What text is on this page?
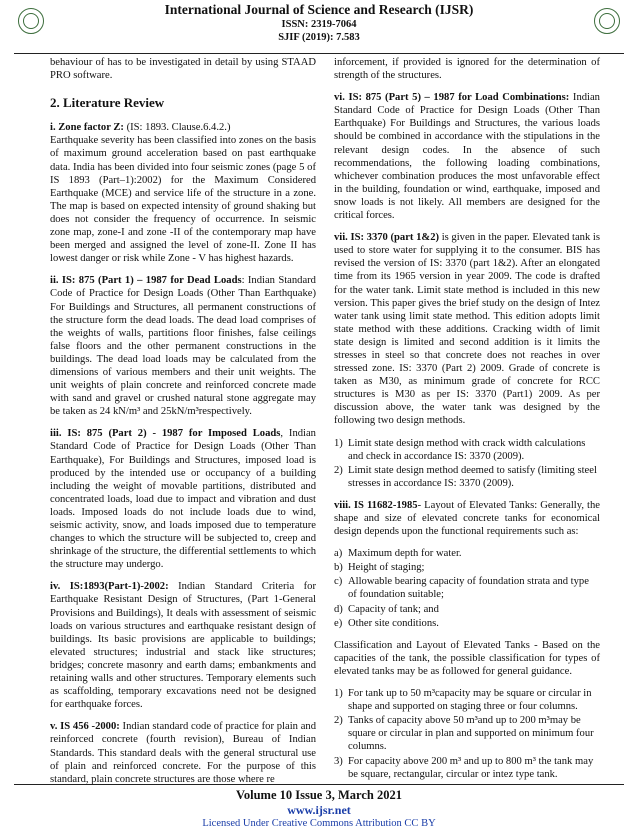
International Journal of Science and Research (IJSR)
ISSN: 2319-7064
SJIF (2019): 7.583

behaviour of has to be investigated in detail by using STAAD PRO software.

2. Literature Review

i. Zone factor Z: (IS: 1893. Clause.6.4.2.)
Earthquake severity has been classified into zones on the basis of maximum ground acceleration based on past earthquake data. India has been divided into four seismic zones (page 5 of IS 1893 (Part–1):2002) for the Maximum Considered Earthquake (MCE) and service life of the structure in a zone. The map is based on expected intensity of ground shaking but does not consider the frequency of occurrence. In seismic zone map, zone-I and zone -II of the contemporary map have been merged and assigned the level of zone-II. Zone II has lowest danger or risk while Zone - V has highest hazards.

ii. IS: 875 (Part 1) – 1987 for Dead Loads: Indian Standard Code of Practice for Design Loads (Other Than Earthquake) For Buildings and Structures, all permanent constructions of the structure form the dead loads. The dead load comprises of the weights of walls, partitions floor finishes, false ceilings false floors and the other permanent constructions in the buildings. The dead load loads may be calculated from the dimensions of various members and their unit weights. The unit weights of plain concrete and reinforced concrete made with sand and gravel or crushed natural stone aggregate may be taken as 24 kN/m³ and 25kN/m³respectively.

iii. IS: 875 (Part 2) - 1987 for Imposed Loads, Indian Standard Code of Practice for Design Loads (Other Than Earthquake), For Buildings and Structures, imposed load is produced by the intended use or occupancy of a building including the weight of movable partitions, distributed and concentrated loads, load due to impact and vibration and dust loads. Imposed loads do not include loads due to wind, seismic activity, snow, and loads imposed due to temperature changes to which the structure will be subjected to, creep and shrinkage of the structure, the differential settlements to which the structure may undergo.

iv. IS:1893(Part-1)-2002: Indian Standard Criteria for Earthquake Resistant Design of Structures, (Part 1-General Provisions and Buildings), It deals with assessment of seismic loads on various structures and earthquake resistant design of buildings. Its basic provisions are applicable to buildings; elevated structures; industrial and stack like structures; bridges; concrete masonry and earth dams; embankments and retaining walls and other structures. Temporary elements such as scaffolding, temporary excavations need not be designed for earthquake forces.

v. IS 456 -2000: Indian standard code of practice for plain and reinforced concrete (fourth revision), Bureau of Indian Standards. This standard deals with the general structural use of plain and reinforced concrete. For the purpose of this standard, plain concrete structures are those where re

inforcement, if provided is ignored for the determination of strength of the structures.

vi. IS: 875 (Part 5) – 1987 for Load Combinations: Indian Standard Code of Practice for Design Loads (Other Than Earthquake) For Buildings and Structures, the various loads should be combined in accordance with the stipulations in the relevant design codes. In the absence of such recommendations, the following loading combinations, whichever combination produces the most unfavorable effect in the building, foundation or wind, earthquake, imposed and snow loads is not likely. All members are designed for the critical forces.

vii. IS: 3370 (part 1&2) is given in the paper. Elevated tank is used to store water for supplying it to the consumer. BIS has revised the version of IS: 3370 (part 1&2). After an elongated time from its 1965 version in year 2009. The code is drafted for the water tank. Limit state method is included in this new version. This paper gives the brief study on the design of Intez water tank using limit state method. This edition adopts limit state method with these additions. Cracking width of limit state design is limited and second addition is it limits the stresses in steel so that concrete does not reaches in over stressed zone. IS: 3370 (Part 2) 2009. Grade of concrete is taken as M30, as minimum grade of concrete for RCC structures is M30 as per IS: 3370 (Part1) 2009. As per discussion above, the water tank was designed by the following two design methods.

1) Limit state design method with crack width calculations and check in accordance IS: 3370 (2009).
2) Limit state design method deemed to satisfy (limiting steel stresses in accordance IS: 3370 (2009).

viii. IS 11682-1985- Layout of Elevated Tanks: Generally, the shape and size of elevated concrete tanks for economical design depends upon the functional requirements such as:

a) Maximum depth for water.
b) Height of staging;
c) Allowable bearing capacity of foundation strata and type of foundation suitable;
d) Capacity of tank; and
e) Other site conditions.

Classification and Layout of Elevated Tanks - Based on the capacities of the tank, the possible classification for types of elevated tanks may be as followed for general guidance.

1) For tank up to 50 m³capacity may be square or circular in shape and supported on staging three or four columns.
2) Tanks of capacity above 50 m³and up to 200 m³may be square or circular in plan and supported on minimum four columns.
3) For capacity above 200 m³ and up to 800 m³ the tank may be square, rectangular, circular or intez type tank.
Volume 10 Issue 3, March 2021
www.ijsr.net
Licensed Under Creative Commons Attribution CC BY
